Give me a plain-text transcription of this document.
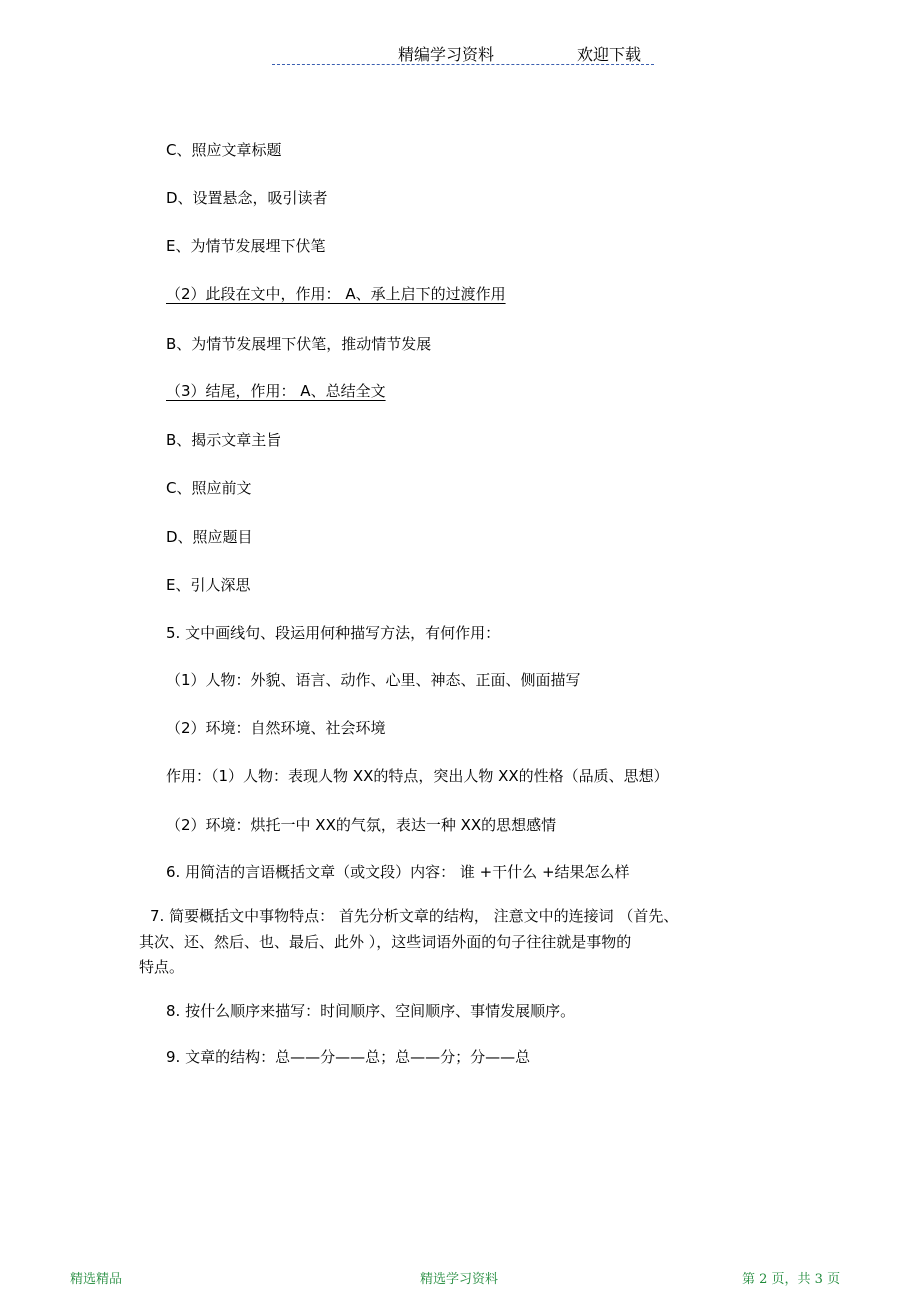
精编学习资料	欢迎下载
C、照应文章标题
D、设置悬念，吸引读者
E、为情节发展埋下伏笔
（2）此段在文中，作用： A、承上启下的过渡作用
B、为情节发展埋下伏笔，推动情节发展
（3）结尾，作用： A、总结全文
B、揭示文章主旨
C、照应前文
D、照应题目
E、引人深思
5. 文中画线句、段运用何种描写方法，有何作用：
（1）人物：外貌、语言、动作、心里、神态、正面、侧面描写
（2）环境：自然环境、社会环境
作用：（1）人物：表现人物 XX的特点，突出人物 XX的性格（品质、思想）
（2）环境：烘托一中 XX的气氛，表达一种 XX的思想感情
6. 用简洁的言语概括文章（或文段）内容： 谁 +干什么 +结果怎么样
7. 简要概括文中事物特点： 首先分析文章的结构， 注意文中的连接词 （首先、
其次、还、然后、也、最后、此外 ），这些词语外面的句子往往就是事物的
特点。
8. 按什么顺序来描写：时间顺序、空间顺序、事情发展顺序。
9. 文章的结构：总——分——总；总——分；分——总
精选精品	精选学习资料	第 2 页，共 3 页
